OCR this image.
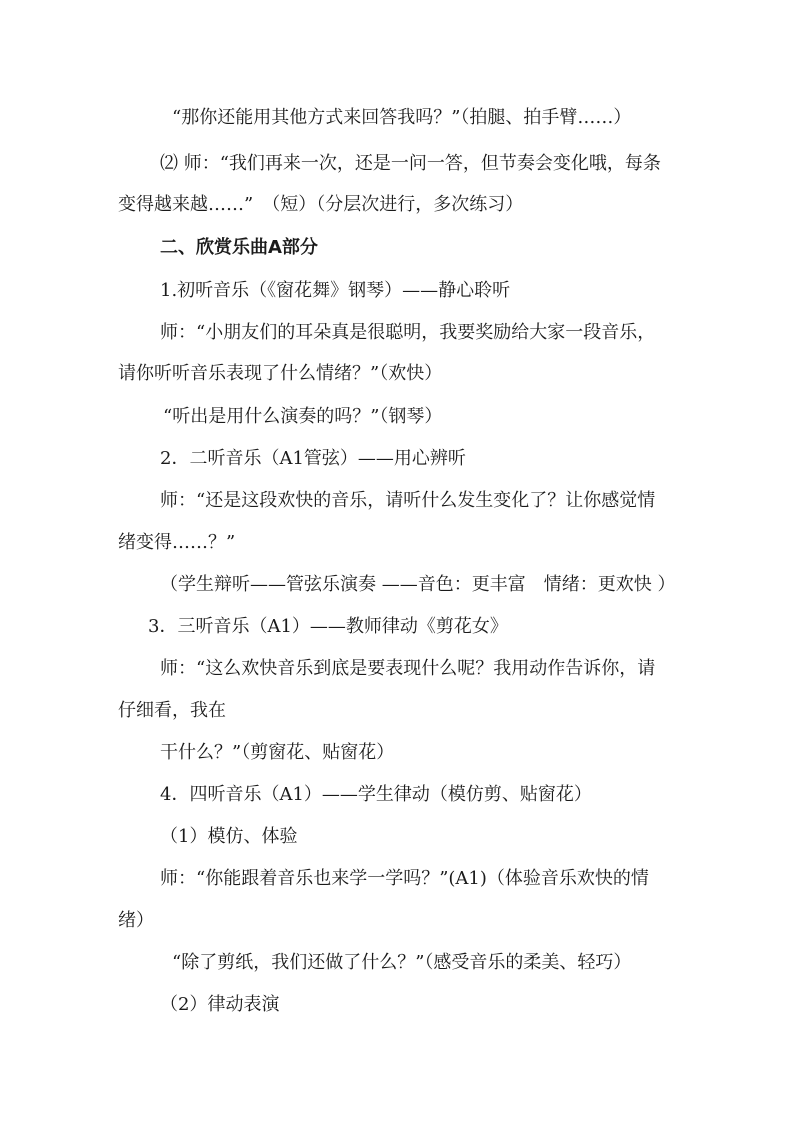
“那你还能用其他方式来回答我吗？”（拍腿、拍手臂……）

⑵ 师：“我们再来一次，还是一问一答，但节奏会变化哦，每条

变得越来越……”　（短）（分层次进行，多次练习）

二、欣赏乐曲A部分

1.初听音乐（《窗花舞》钢琴）——静心聆听

师：“小朋友们的耳朵真是很聪明，我要奖励给大家一段音乐，

请你听听音乐表现了什么情绪？”（欢快）

“听出是用什么演奏的吗？”（钢琴）

2．二听音乐（A1管弦）——用心辨听

师：“还是这段欢快的音乐，请听什么发生变化了？让你感觉情

绪变得……？”

（学生辩听——管弦乐演奏 ——音色：更丰富　情绪：更欢快 ）

3．三听音乐（A1）——教师律动《剪花女》

师：“这么欢快音乐到底是要表现什么呢？我用动作告诉你，请

仔细看，我在

干什么？”（剪窗花、贴窗花）

4．四听音乐（A1）——学生律动（模仿剪、贴窗花）

（1）模仿、体验

师：“你能跟着音乐也来学一学吗？”(A1)（体验音乐欢快的情

绪）

“除了剪纸，我们还做了什么？”（感受音乐的柔美、轻巧）

（2）律动表演
